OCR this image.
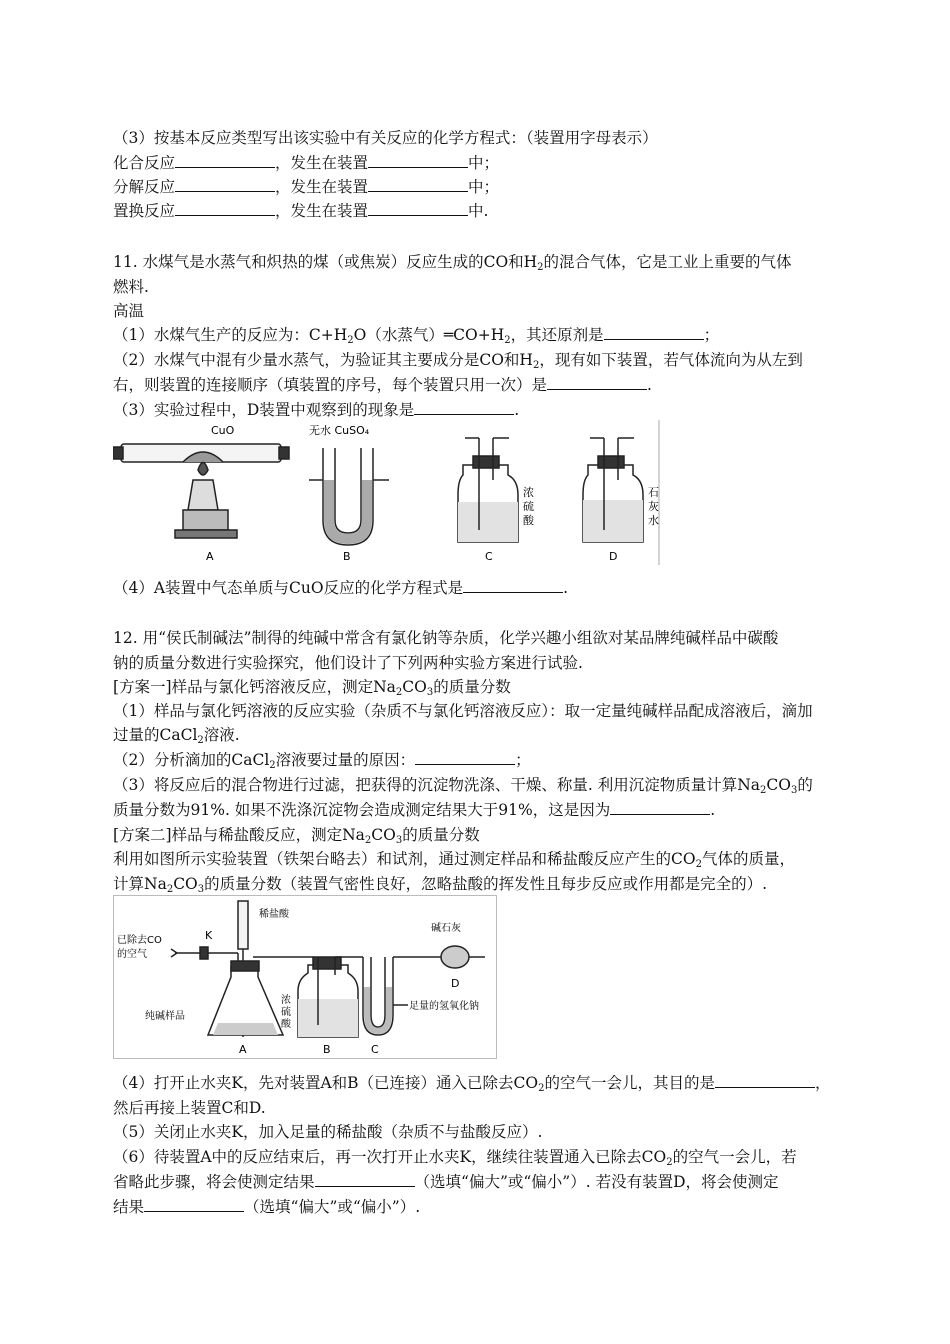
（3）按基本反应类型写出该实验中有关反应的化学方程式：（装置用字母表示）
化合反应	，发生在装置	中；
分解反应	，发生在装置	中；
置换反应	，发生在装置	中.
11. 水煤气是水蒸气和炽热的煤（或焦炭）反应生成的CO和$H_2$的混合气体，它是工业上重要的气体
燃料.
高温
（1）水煤气生产的反应为：$C+H_2O$（水蒸气）$═CO+H_2$，其还原剂是	；
（2）水煤气中混有少量水蒸气，为验证其主要成分是CO和$H_2$，现有如下装置，若气体流向为从左到
右，则装置的连接顺序（填装置的序号，每个装置只用一次）是	.
（3）实验过程中，D装置中观察到的现象是	.
CuO
A
无水 CuSO₄
B
浓
硫
酸
C
石
灰
水
D
（4）A装置中气态单质与CuO反应的化学方程式是	.
12. 用“侯氏制碱法”制得的纯碱中常含有氯化钠等杂质，化学兴趣小组欲对某品牌纯碱样品中碳酸
钠的质量分数进行实验探究，他们设计了下列两种实验方案进行试验.
[方案一]样品与氯化钙溶液反应，测定$Na_2CO_3$的质量分数
（1）样品与氯化钙溶液的反应实验（杂质不与氯化钙溶液反应）：取一定量纯碱样品配成溶液后，滴加
过量的CaCl$_2$溶液.
（2）分析滴加的CaCl$_2$溶液要过量的原因：	；
（3）将反应后的混合物进行过滤，把获得的沉淀物洗涤、干燥、称量. 利用沉淀物质量计算$Na_2CO_3$的
质量分数为91%. 如果不洗涤沉淀物会造成测定结果大于91%，这是因为	.
[方案二]样品与稀盐酸反应，测定$Na_2CO_3$的质量分数
利用如图所示实验装置（铁架台略去）和试剂，通过测定样品和稀盐酸反应产生的$CO_2$气体的质量，
计算$Na_2CO_3$的质量分数（装置气密性良好，忽略盐酸的挥发性且每步反应或作用都是完全的）.
已除去CO
的空气
K
稀盐酸
纯碱样品
A
浓
硫
酸
B
足量的氢氧化钠
C
碱石灰
D
（4）打开止水夹K，先对装置A和B（已连接）通入已除去$CO_2$的空气一会儿，其目的是	，
然后再接上装置C和D.
（5）关闭止水夹K，加入足量的稀盐酸（杂质不与盐酸反应）.
（6）待装置A中的反应结束后，再一次打开止水夹K，继续往装置通入已除去$CO_2$的空气一会儿，若
省略此步骤，将会使测定结果	（选填“偏大”或“偏小”）. 若没有装置D，将会使测定
结果	（选填“偏大”或“偏小”）.
